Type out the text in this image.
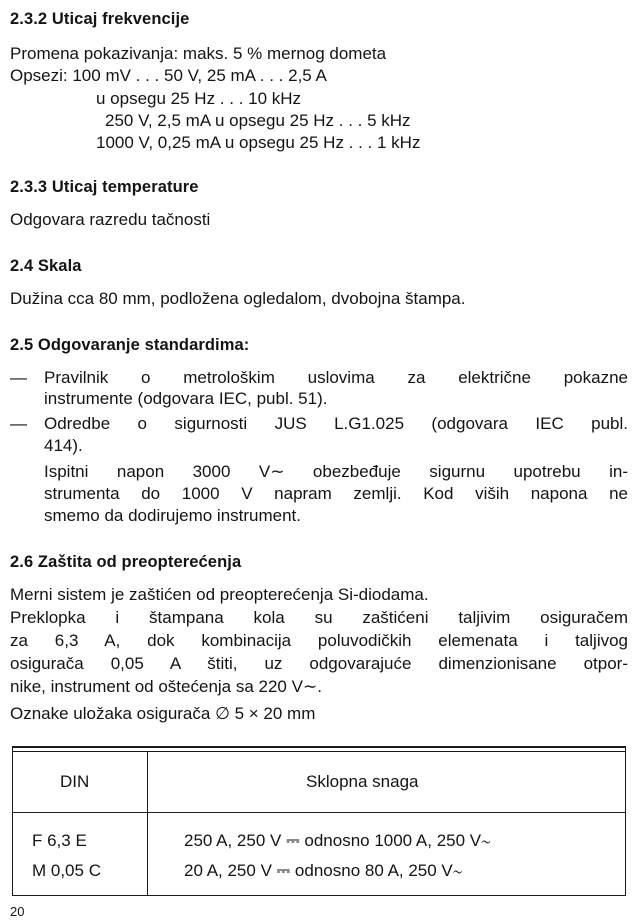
2.3.2 Uticaj frekvencije
Promena pokazivanja: maks. 5 % mernog dometa
Opsezi: 100 mV . . . 50 V, 25 mA . . . 2,5 A
u opsegu 25 Hz . . . 10 kHz
250 V, 2,5 mA u opsegu 25 Hz . . . 5 kHz
1000 V, 0,25 mA u opsegu 25 Hz . . . 1 kHz
2.3.3 Uticaj temperature
Odgovara razredu tačnosti
2.4 Skala
Dužina cca 80 mm, podložena ogledalom, dvobojna štampa.
2.5 Odgovaranje standardima:
— Pravilnik o metrološkim uslovima za električne pokazne
instrumente (odgovara IEC, publ. 51).
— Odredbe o sigurnosti JUS L.G1.025 (odgovara IEC publ.
414).
Ispitni napon 3000 V∼ obezbeđuje sigurnu upotrebu in-
strumenta do 1000 V napram zemlji. Kod viših napona ne
smemo da dodirujemo instrument.
2.6 Zaštita od preopterećenja
Merni sistem je zaštićen od preopterećenja Si-diodama.
Preklopka i štampana kola su zaštićeni taljivim osiguračem
za 6,3 A, dok kombinacija poluvodičkih elemenata i taljivog
osigurača 0,05 A štiti, uz odgovarajuće dimenzionisane otpor-
nike, instrument od oštećenja sa 220 V∼.
Oznake uložaka osigurača ∅ 5 × 20 mm
DIN	Sklopna snaga
F 6,3 E	250 A, 250 V ⎓ odnosno 1000 A, 250 V∼
M 0,05 C	20 A, 250 V ⎓ odnosno 80 A, 250 V∼
20
